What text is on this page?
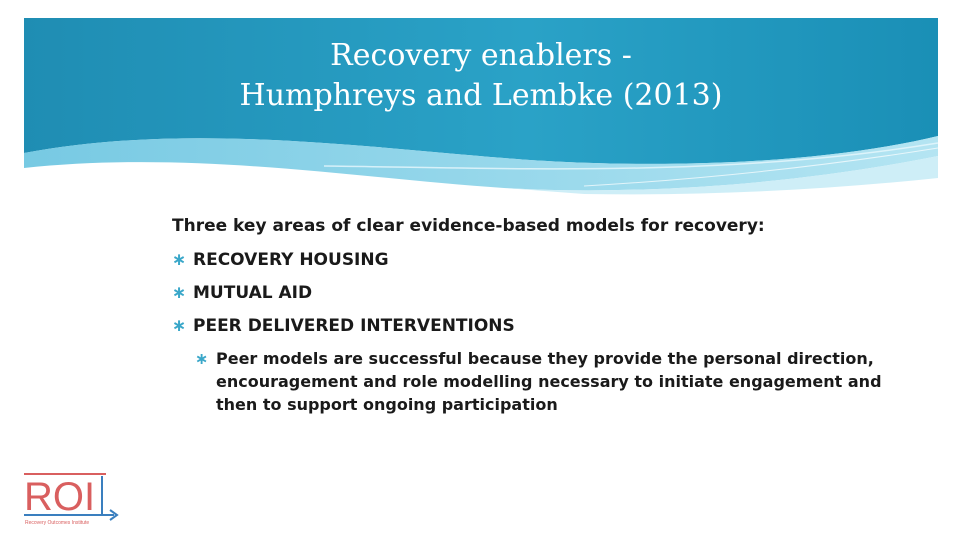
Recovery enablers -
Humphreys and Lembke (2013)
Three key areas of clear evidence-based models for recovery:
∗ RECOVERY HOUSING
∗ MUTUAL AID
∗ PEER DELIVERED INTERVENTIONS
∗ Peer models are successful because they provide the personal direction, encouragement and role modelling necessary to initiate engagement and then to support ongoing participation
ROI
Recovery Outcomes Institute
